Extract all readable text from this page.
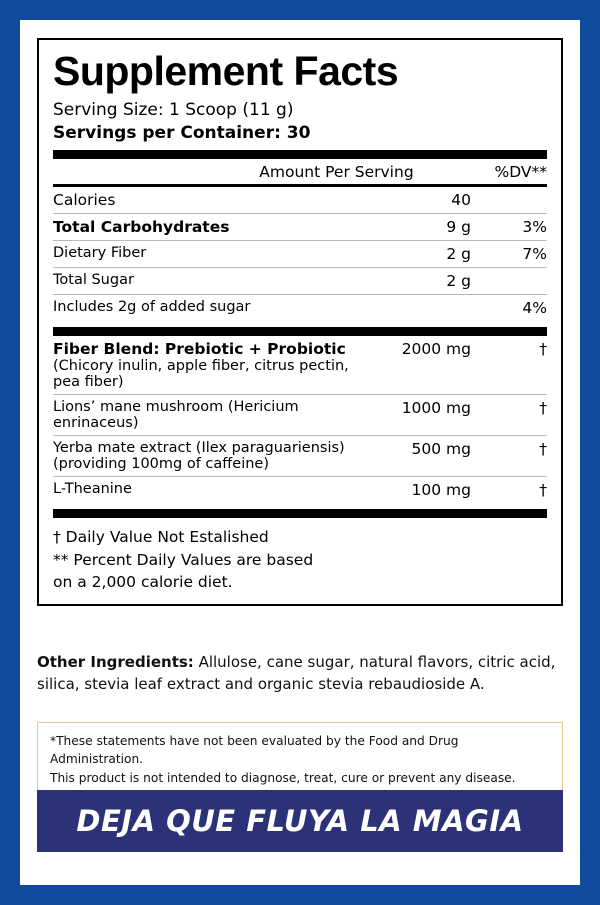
Supplement Facts
Serving Size: 1 Scoop (11 g)
Servings per Container: 30
	Amount Per Serving	%DV**
Calories	40	
Total Carbohydrates	9 g	3%
Dietary Fiber	2 g	7%
Total Sugar	2 g	
Includes 2g of added sugar		4%
Fiber Blend: Prebiotic + Probiotic
(Chicory inulin, apple fiber, citrus pectin, pea fiber)	2000 mg	†

Lions’ mane mushroom (Hericium enrinaceus)	1000 mg	†

Yerba mate extract (Ilex paraguariensis)
(providing 100mg of caffeine)	500 mg	†

L-Theanine	100 mg	†
† Daily Value Not Estalished
** Percent Daily Values are based
on a 2,000 calorie diet.
Other Ingredients: Allulose, cane sugar, natural flavors, citric acid, silica, stevia leaf extract and organic stevia rebaudioside A.
*These statements have not been evaluated by the Food and Drug Administration.
This product is not intended to diagnose, treat, cure or prevent any disease.
DEJA QUE FLUYA LA MAGIA
